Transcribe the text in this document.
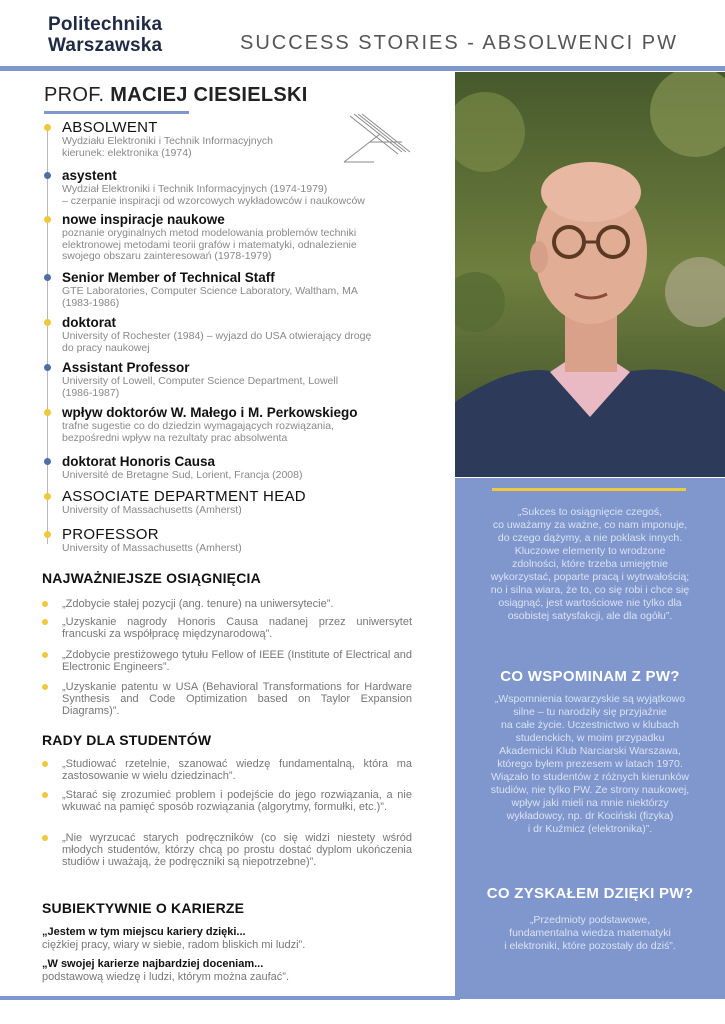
Politechnika
Warszawska	SUCCESS STORIES - ABSOLWENCI PW
PROF. MACIEJ CIESIELSKI
ABSOLWENT
Wydziału Elektroniki i Technik Informacyjnych
kierunek: elektronika (1974)
asystent
Wydział Elektroniki i Technik Informacyjnych (1974-1979)
– czerpanie inspiracji od wzorcowych wykładowców i naukowców
nowe inspiracje naukowe
poznanie oryginalnych metod modelowania problemów techniki
elektronowej metodami teorii grafów i matematyki, odnalezienie
swojego obszaru zainteresowań (1978-1979)
Senior Member of Technical Staff
GTE Laboratories, Computer Science Laboratory, Waltham, MA
(1983-1986)
doktorat
University of Rochester (1984) – wyjazd do USA otwierający drogę
do pracy naukowej
Assistant Professor
University of Lowell, Computer Science Department, Lowell
(1986-1987)
wpływ doktorów W. Małego i M. Perkowskiego
trafne sugestie co do dziedzin wymagających rozwiązania,
bezpośredni wpływ na rezultaty prac absolwenta
doktorat Honoris Causa
Université de Bretagne Sud, Lorient, Francja (2008)
ASSOCIATE DEPARTMENT HEAD
University of Massachusetts (Amherst)
PROFESSOR
University of Massachusetts (Amherst)
NAJWAŻNIEJSZE OSIĄGNIĘCIA
„Zdobycie stałej pozycji (ang. tenure) na uniwersytecie”.
„Uzyskanie nagrody Honoris Causa nadanej przez uniwersytet francuski za współpracę międzynarodową”.
„Zdobycie prestiżowego tytułu Fellow of IEEE (Institute of Electrical and Electronic Engineers”.
„Uzyskanie patentu w USA (Behavioral Transformations for Hardware Synthesis and Code Optimization based on Taylor Expansion Diagrams)”.
RADY DLA STUDENTÓW
„Studiować rzetelnie, szanować wiedzę fundamentalną, która ma zastosowanie w wielu dziedzinach”.
„Starać się zrozumieć problem i podejście do jego rozwiązania, a nie wkuwać na pamięć sposób rozwiązania (algorytmy, formułki, etc.)”.
„Nie wyrzucać starych podręczników (co się widzi niestety wśród młodych studentów, którzy chcą po prostu dostać dyplom ukończenia studiów i uważają, że podręczniki są niepotrzebne)”.
SUBIEKTYWNIE O KARIERZE
„Jestem w tym miejscu kariery dzięki...
ciężkiej pracy, wiary w siebie, radom bliskich mi ludzi”.
„W swojej karierze najbardziej doceniam...
podstawową wiedzę i ludzi, którym można zaufać”.
„Sukces to osiągnięcie czegoś,
co uważamy za ważne, co nam imponuje,
do czego dążymy, a nie poklask innych.
Kluczowe elementy to wrodzone
zdolności, które trzeba umiejętnie
wykorzystać, poparte pracą i wytrwałością;
no i silna wiara, że to, co się robi i chce się
osiągnąć, jest wartościowe nie tylko dla
osobistej satysfakcji, ale dla ogółu”.
CO WSPOMINAM Z PW?
„Wspomnienia towarzyskie są wyjątkowo
silne – tu narodziły się przyjaźnie
na całe życie. Uczestnictwo w klubach
studenckich, w moim przypadku
Akademicki Klub Narciarski Warszawa,
którego byłem prezesem w latach 1970.
Wiązało to studentów z różnych kierunków
studiów, nie tylko PW. Ze strony naukowej,
wpływ jaki mieli na mnie niektórzy
wykładowcy, np. dr Kociński (fizyka)
i dr Kuźmicz (elektronika)”.
CO ZYSKAŁEM DZIĘKI PW?
„Przedmioty podstawowe,
fundamentalna wiedza matematyki
i elektroniki, które pozostały do dziś”.
